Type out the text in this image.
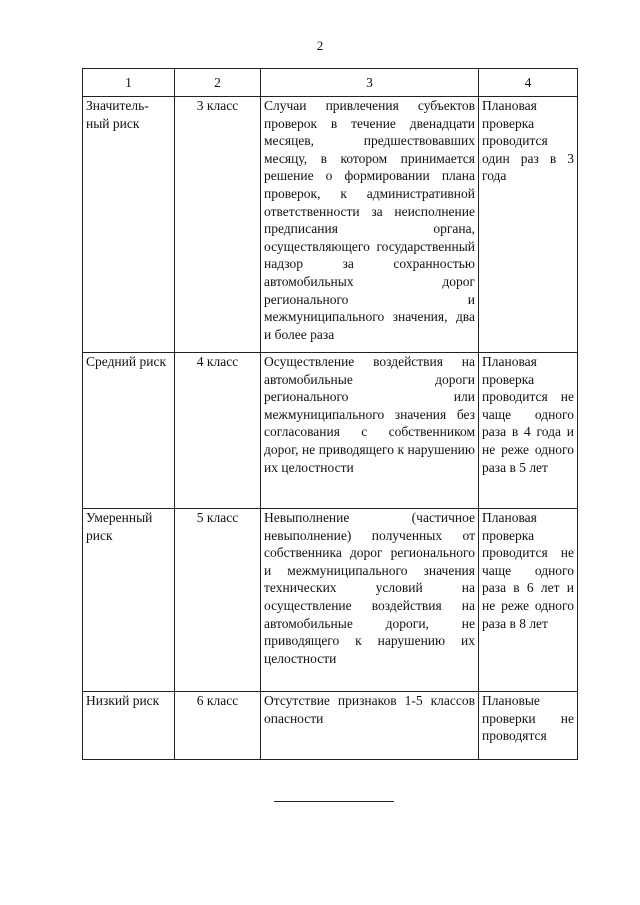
2
1	2	3	4
Значитель-ный риск	3 класс	Случаи привлечения субъектов проверок в течение двенадцати месяцев, предшествовавших месяцу, в котором принимается решение о формировании плана проверок, к административной ответственности за неисполнение предписания органа, осуществляющего государственный надзор за сохранностью автомобильных дорог регионального и межмуниципального значения, два и более раза	Плановая проверка проводится один раз в 3 года
Средний риск	4 класс	Осуществление воздействия на автомобильные дороги регионального или межмуниципального значения без согласования с собственником дорог, не приводящего к нарушению их целостности	Плановая проверка проводится не чаще одного раза в 4 года и не реже одного раза в 5 лет
Умеренный риск	5 класс	Невыполнение (частичное невыполнение) полученных от собственника дорог регионального и межмуниципального значения технических условий на осуществление воздействия на автомобильные дороги, не приводящего к нарушению их целостности	Плановая проверка проводится не чаще одного раза в 6 лет и не реже одного раза в 8 лет
Низкий риск	6 класс	Отсутствие признаков 1-5 классов опасности	Плановые проверки не проводятся
